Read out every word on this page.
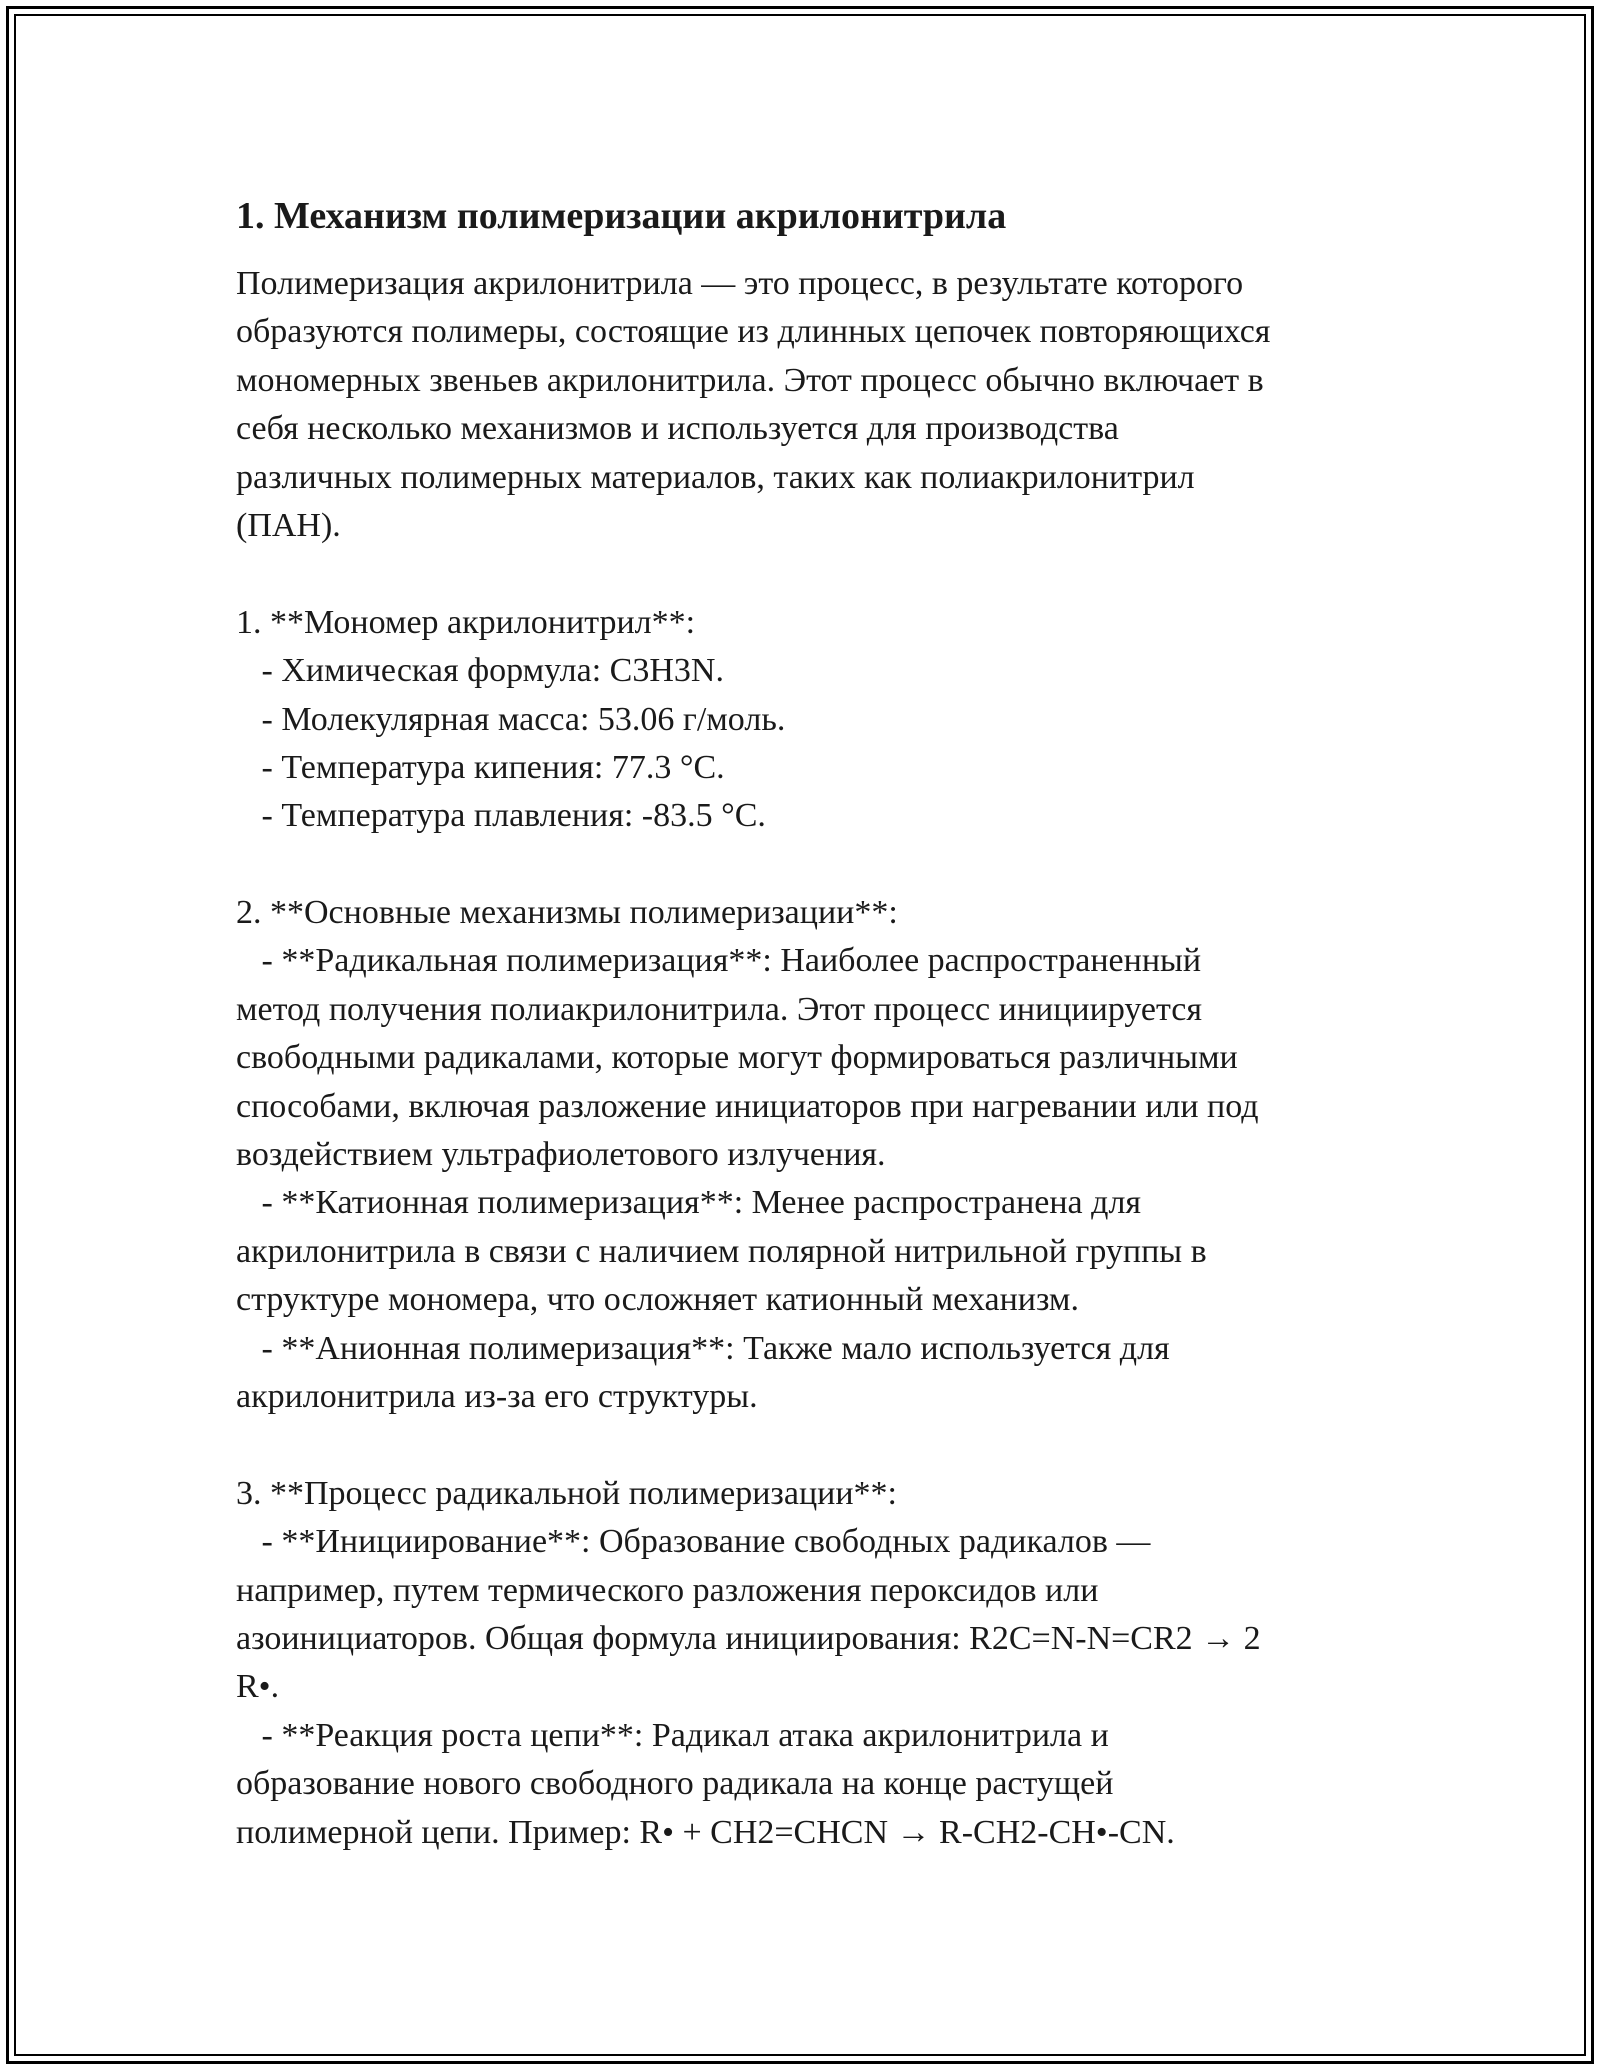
1. Механизм полимеризации акрилонитрила
Полимеризация акрилонитрила — это процесс, в результате которого
образуются полимеры, состоящие из длинных цепочек повторяющихся
мономерных звеньев акрилонитрила. Этот процесс обычно включает в
себя несколько механизмов и используется для производства
различных полимерных материалов, таких как полиакрилонитрил
(ПАН).
1. **Мономер акрилонитрил**:
- Химическая формула: C3H3N.
- Молекулярная масса: 53.06 г/моль.
- Температура кипения: 77.3 °C.
- Температура плавления: -83.5 °C.
2. **Основные механизмы полимеризации**:
- **Радикальная полимеризация**: Наиболее распространенный
метод получения полиакрилонитрила. Этот процесс инициируется
свободными радикалами, которые могут формироваться различными
способами, включая разложение инициаторов при нагревании или под
воздействием ультрафиолетового излучения.
- **Катионная полимеризация**: Менее распространена для
акрилонитрила в связи с наличием полярной нитрильной группы в
структуре мономера, что осложняет катионный механизм.
- **Анионная полимеризация**: Также мало используется для
акрилонитрила из-за его структуры.
3. **Процесс радикальной полимеризации**:
- **Инициирование**: Образование свободных радикалов —
например, путем термического разложения пероксидов или
азоинициаторов. Общая формула инициирования: R2C=N-N=CR2 → 2
R•.
- **Реакция роста цепи**: Радикал атака акрилонитрила и
образование нового свободного радикала на конце растущей
полимерной цепи. Пример: R• + CH2=CHCN → R-CH2-CH•-CN.
